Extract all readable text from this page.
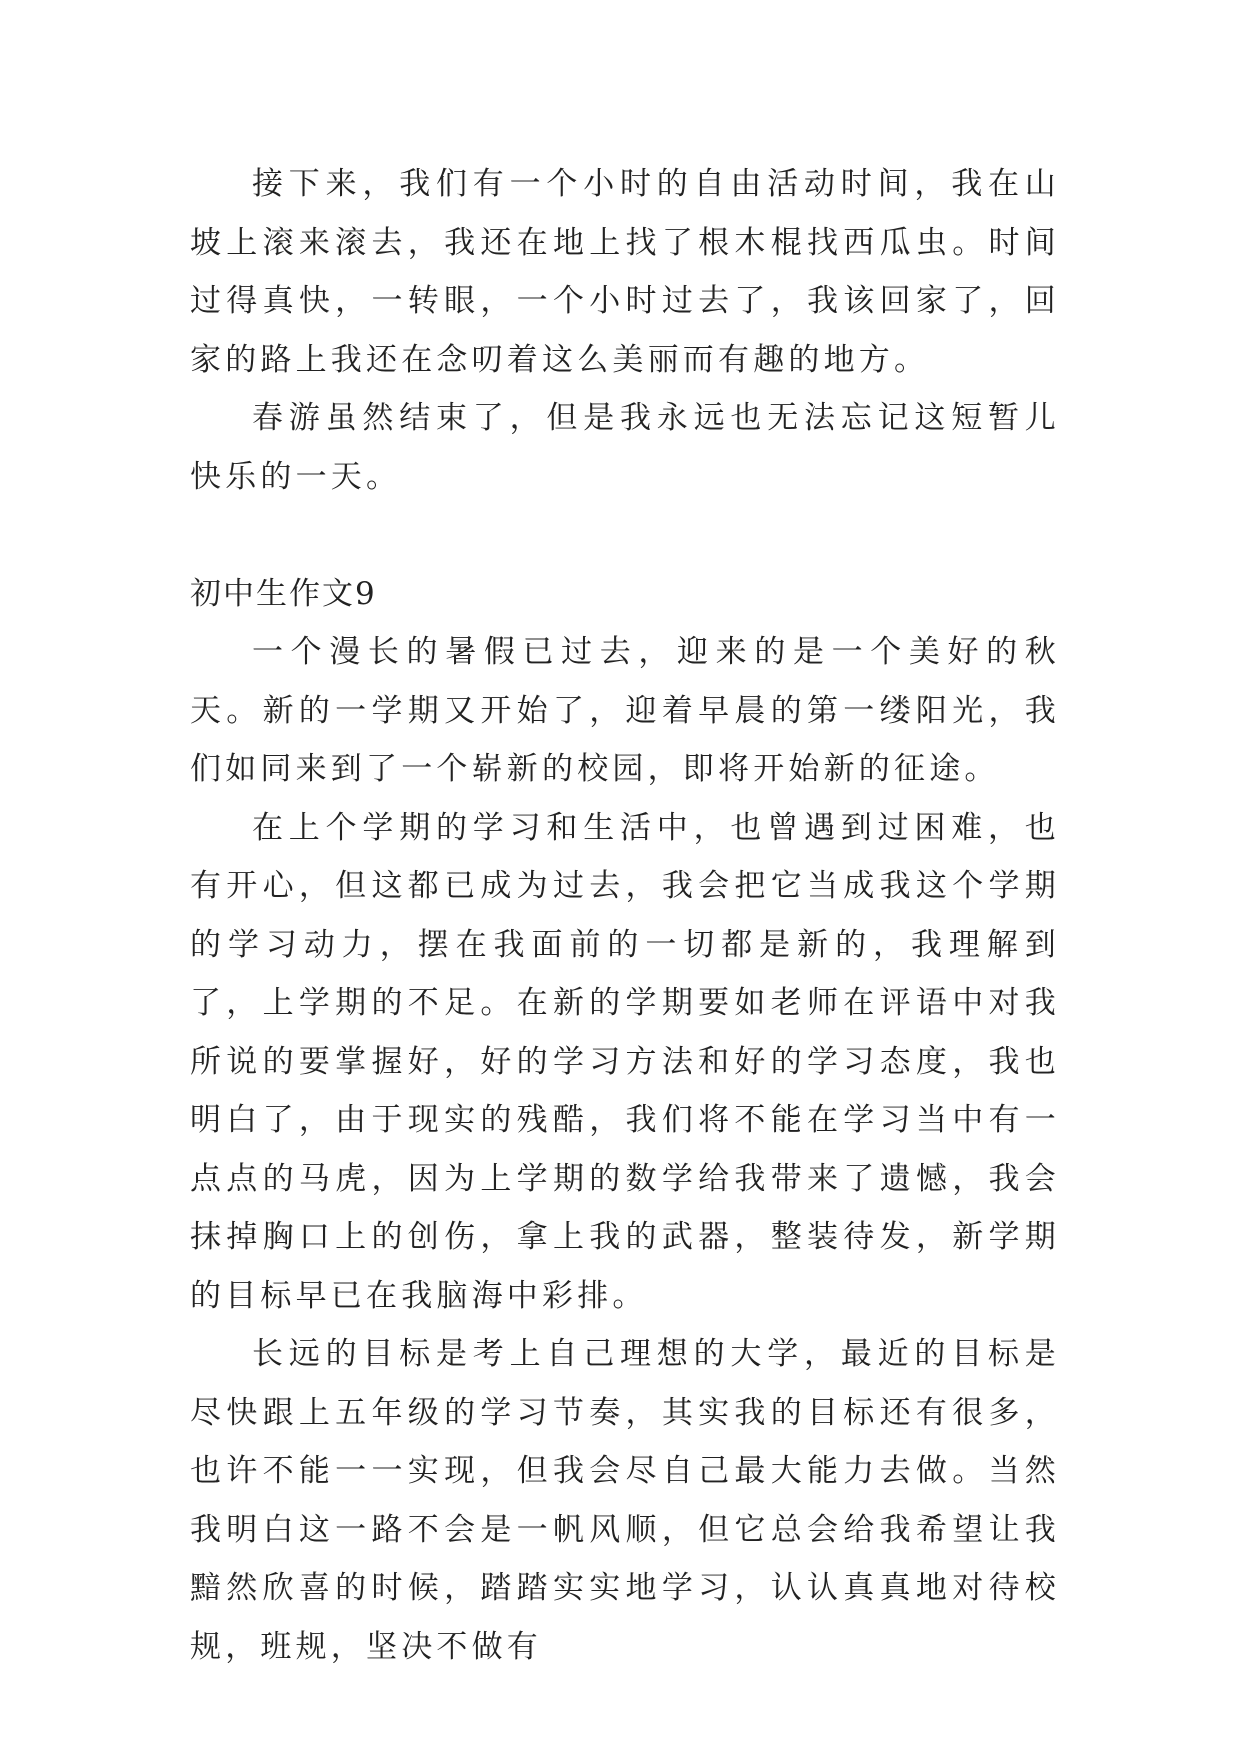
接下来，我们有一个小时的自由活动时间，我在山坡上滚来滚去，我还在地上找了根木棍找西瓜虫。时间过得真快，一转眼，一个小时过去了，我该回家了，回家的路上我还在念叨着这么美丽而有趣的地方。

春游虽然结束了，但是我永远也无法忘记这短暂儿快乐的一天。

初中生作文9

一个漫长的暑假已过去，迎来的是一个美好的秋天。新的一学期又开始了，迎着早晨的第一缕阳光，我们如同来到了一个崭新的校园，即将开始新的征途。

在上个学期的学习和生活中，也曾遇到过困难，也有开心，但这都已成为过去，我会把它当成我这个学期的学习动力，摆在我面前的一切都是新的，我理解到了，上学期的不足。在新的学期要如老师在评语中对我所说的要掌握好，好的学习方法和好的学习态度，我也明白了，由于现实的残酷，我们将不能在学习当中有一点点的马虎，因为上学期的数学给我带来了遗憾，我会抹掉胸口上的创伤，拿上我的武器，整装待发，新学期的目标早已在我脑海中彩排。

长远的目标是考上自己理想的大学，最近的目标是尽快跟上五年级的学习节奏，其实我的目标还有很多，也许不能一一实现，但我会尽自己最大能力去做。当然我明白这一路不会是一帆风顺，但它总会给我希望让我黯然欣喜的时候，踏踏实实地学习，认认真真地对待校规，班规，坚决不做有
